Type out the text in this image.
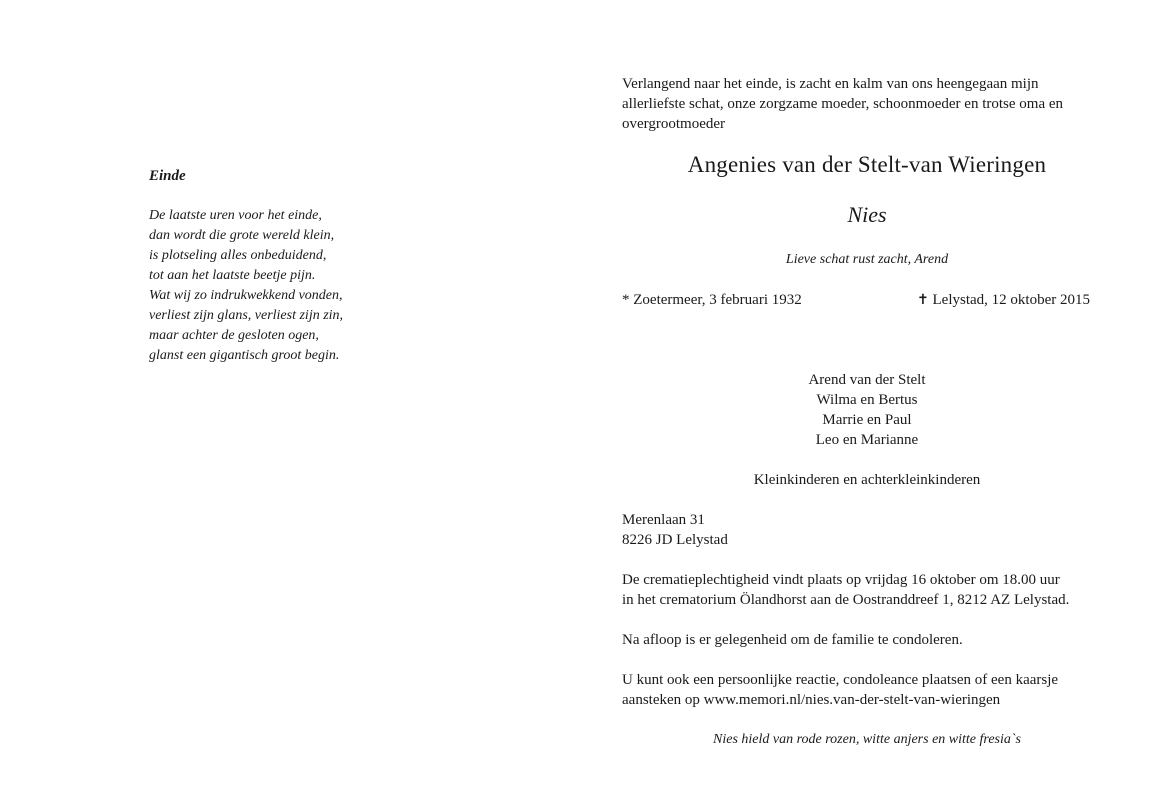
Einde

De laatste uren voor het einde,
dan wordt die grote wereld klein,
is plotseling alles onbeduidend,
tot aan het laatste beetje pijn.
Wat wij zo indrukwekkend vonden,
verliest zijn glans, verliest zijn zin,
maar achter de gesloten ogen,
glanst een gigantisch groot begin.

Verlangend naar het einde, is zacht en kalm van ons heengegaan mijn
allerliefste schat, onze zorgzame moeder, schoonmoeder en trotse oma en
overgrootmoeder

Angenies van der Stelt-van Wieringen

Nies

Lieve schat rust zacht, Arend

* Zoetermeer, 3 februari 1932	✝ Lelystad, 12 oktober 2015
Arend van der Stelt
Wilma en Bertus
Marrie en Paul
Leo en Marianne

Kleinkinderen en achterkleinkinderen

Merenlaan 31
8226 JD Lelystad

De crematieplechtigheid vindt plaats op vrijdag 16 oktober om 18.00 uur
in het crematorium Ölandhorst aan de Oostranddreef 1, 8212 AZ Lelystad.

Na afloop is er gelegenheid om de familie te condoleren.

U kunt ook een persoonlijke reactie, condoleance plaatsen of een kaarsje
aansteken op www.memori.nl/nies.van-der-stelt-van-wieringen

Nies hield van rode rozen, witte anjers en witte fresia`s
